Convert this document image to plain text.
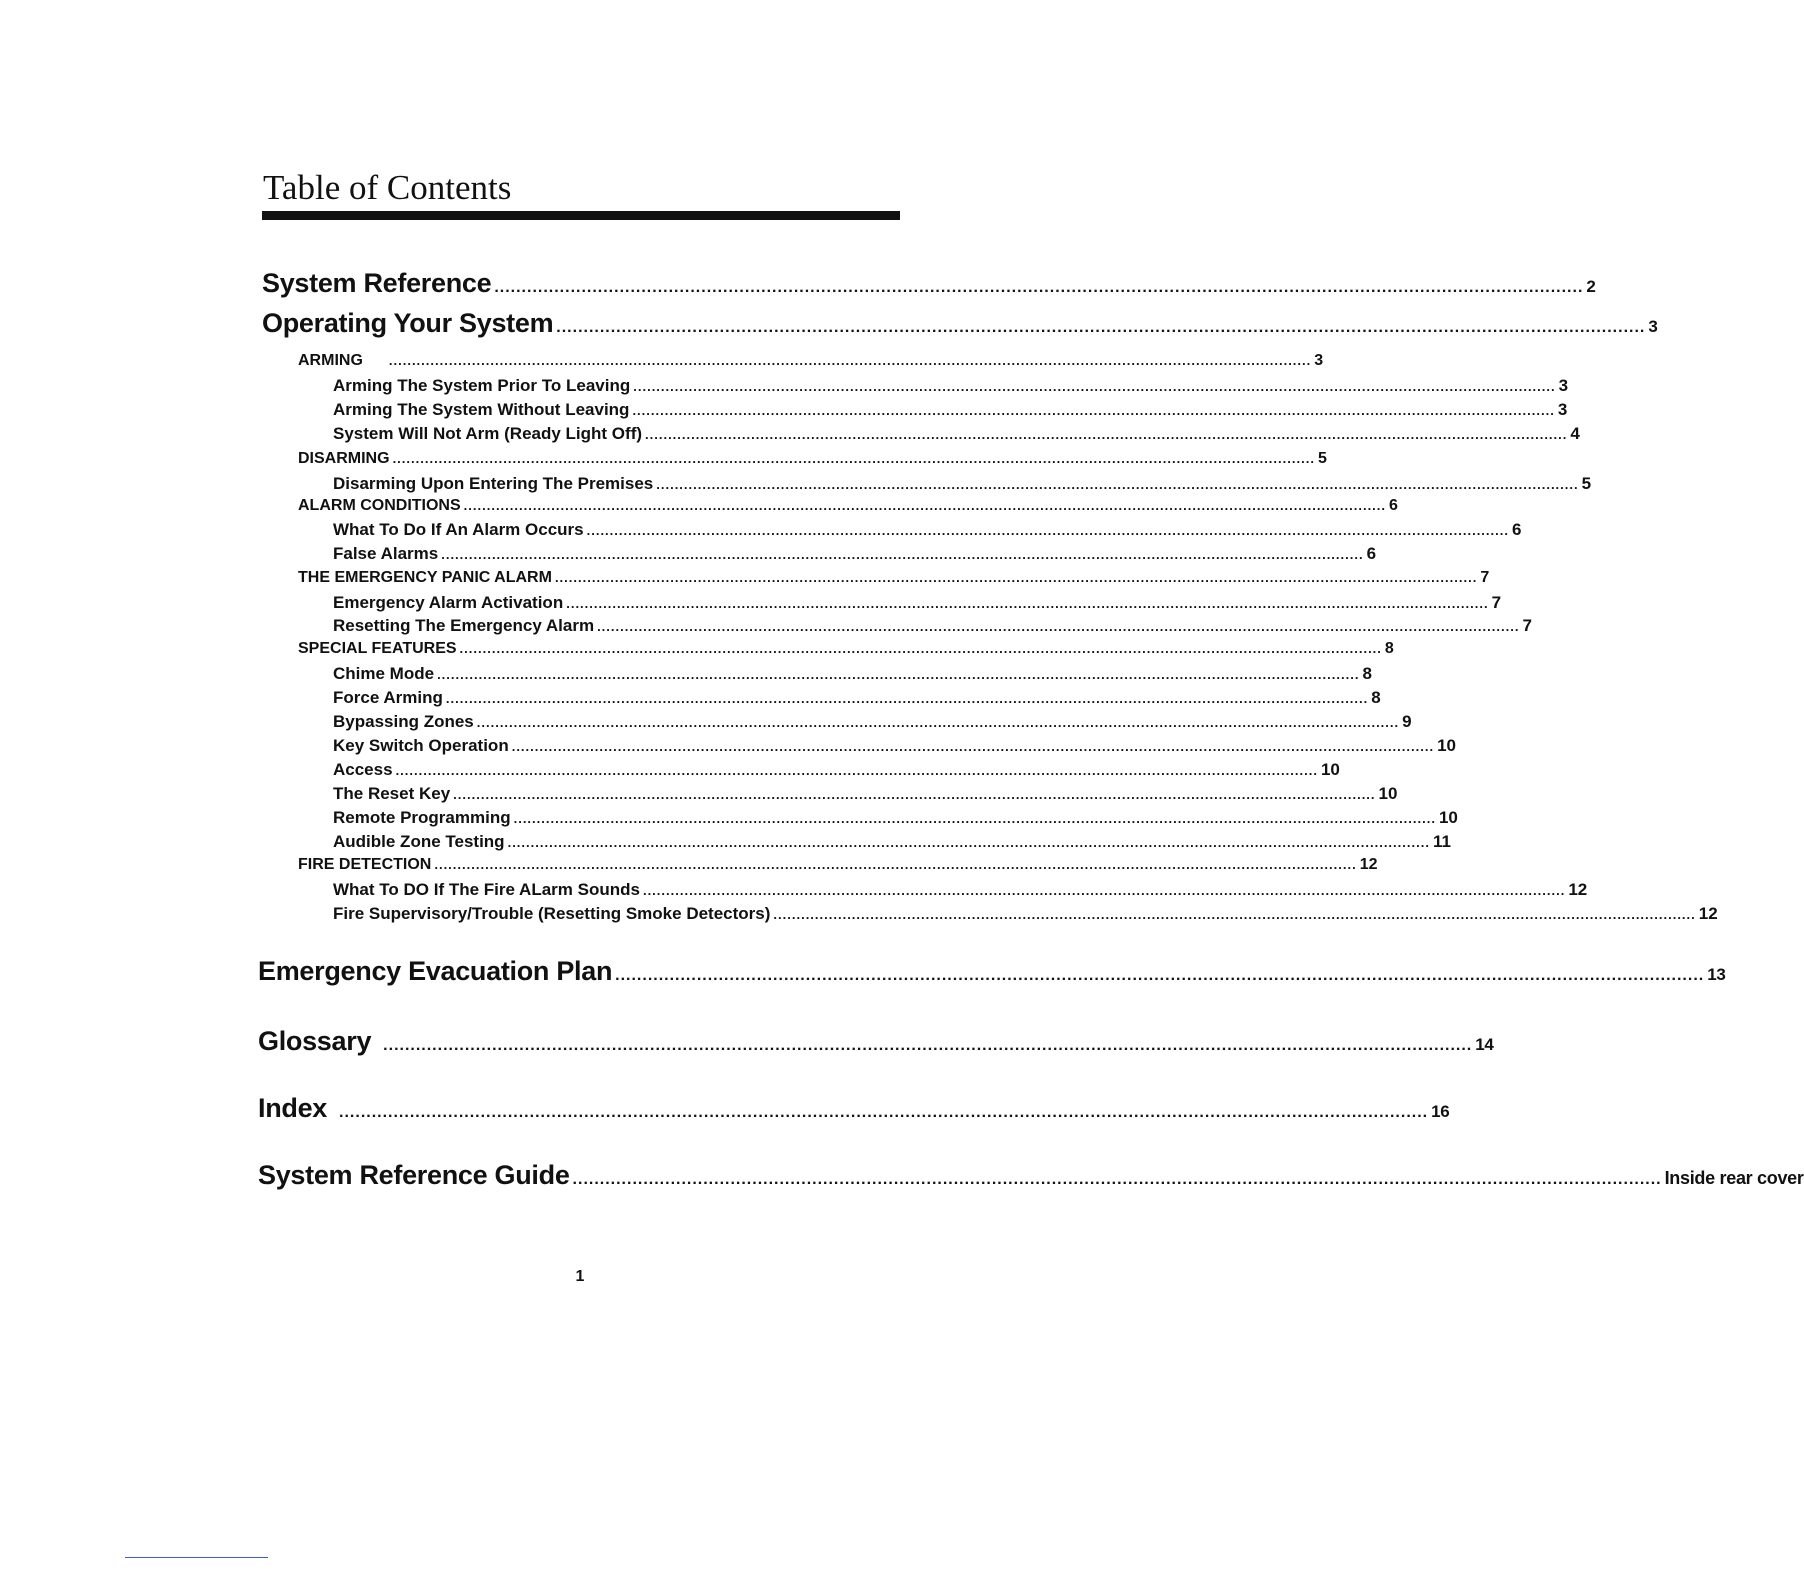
Table of Contents
System Reference ........................................................................................................................................................................................................ 2
Operating Your System ........................................................................................................................................................................................................ 3
ARMING ........................................................................................................................................................................................................ 3
Arming The System Prior To Leaving ........................................................................................................................................................................................................ 3
Arming The System Without Leaving ........................................................................................................................................................................................................ 3
System Will Not Arm (Ready Light Off) ........................................................................................................................................................................................................ 4
DISARMING ........................................................................................................................................................................................................ 5
Disarming Upon Entering The Premises ........................................................................................................................................................................................................ 5
ALARM CONDITIONS ........................................................................................................................................................................................................ 6
What To Do If An Alarm Occurs ........................................................................................................................................................................................................ 6
False Alarms ........................................................................................................................................................................................................ 6
THE EMERGENCY PANIC ALARM ........................................................................................................................................................................................................ 7
Emergency Alarm Activation ........................................................................................................................................................................................................ 7
Resetting The Emergency Alarm ........................................................................................................................................................................................................ 7
SPECIAL FEATURES ........................................................................................................................................................................................................ 8
Chime Mode ........................................................................................................................................................................................................ 8
Force Arming ........................................................................................................................................................................................................ 8
Bypassing Zones ........................................................................................................................................................................................................ 9
Key Switch Operation ........................................................................................................................................................................................................ 10
Access ........................................................................................................................................................................................................ 10
The Reset Key ........................................................................................................................................................................................................ 10
Remote Programming ........................................................................................................................................................................................................ 10
Audible Zone Testing ........................................................................................................................................................................................................ 11
FIRE DETECTION ........................................................................................................................................................................................................ 12
What To DO If The Fire ALarm Sounds ........................................................................................................................................................................................................ 12
Fire Supervisory/Trouble (Resetting Smoke Detectors) ........................................................................................................................................................................................................ 12
Emergency Evacuation Plan ........................................................................................................................................................................................................ 13
Glossary ........................................................................................................................................................................................................ 14
Index ........................................................................................................................................................................................................ 16
System Reference Guide ........................................................................................................................................................................................................ Inside rear cover
1
